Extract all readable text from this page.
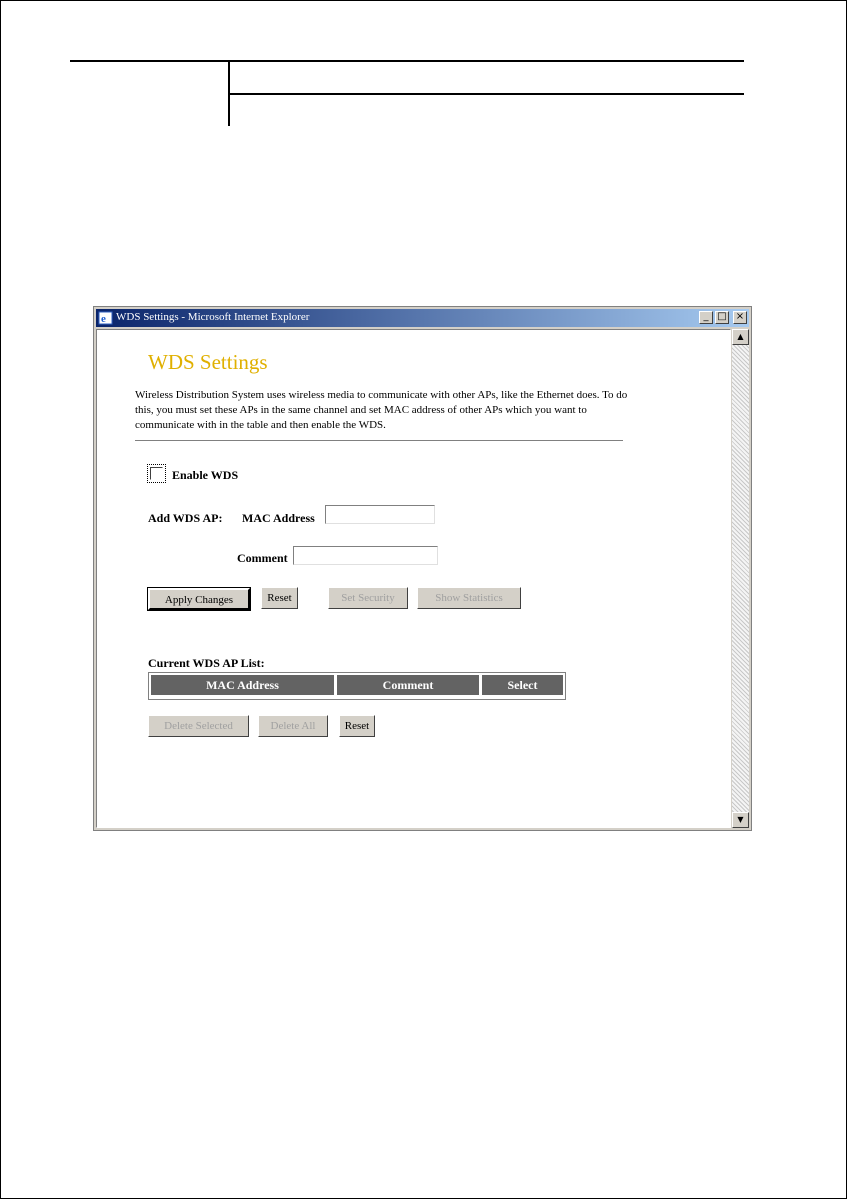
e WDS Settings - Microsoft Internet Explorer	_ □ ×
WDS Settings
Wireless Distribution System uses wireless media to communicate with other APs, like the Ethernet does. To do this, you must set these APs in the same channel and set MAC address of other APs which you want to communicate with in the table and then enable the WDS.
Enable WDS
Add WDS AP: MAC Address
Comment
Apply Changes	Reset	Set Security	Show Statistics
Current WDS AP List:
MAC Address	Comment	Select
Delete Selected	Delete All	Reset
▲
▼
